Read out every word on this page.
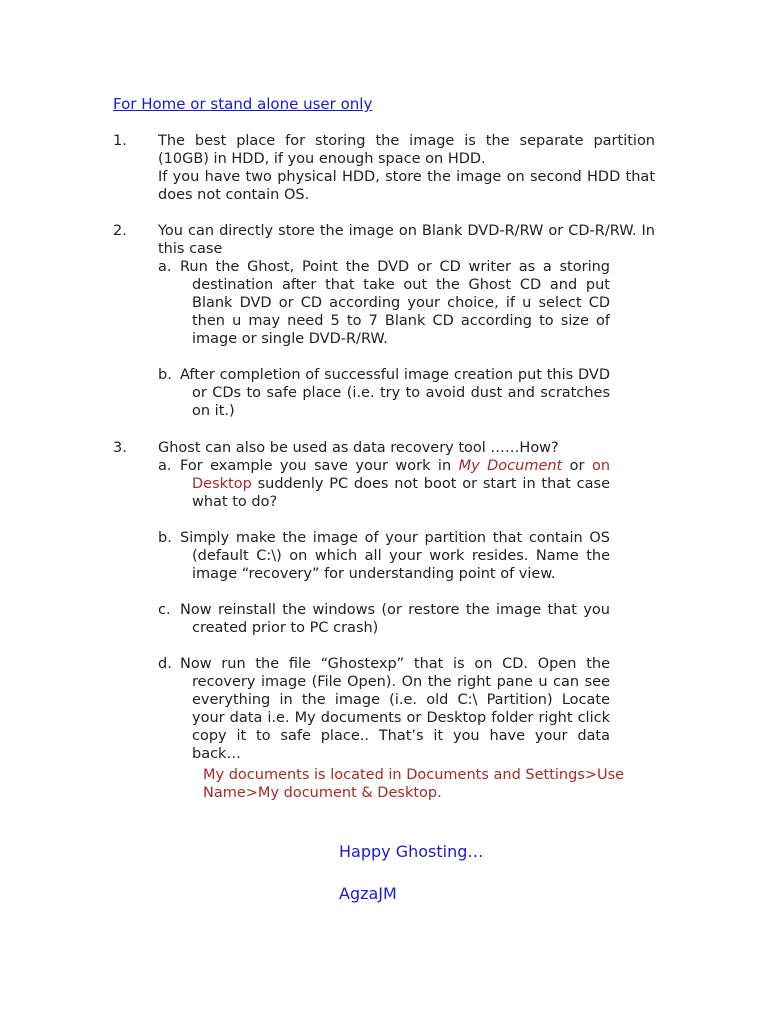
For Home or stand alone user only
1. The best place for storing the image is the separate partition (10GB) in HDD, if you enough space on HDD.
If you have two physical HDD, store the image on second HDD that does not contain OS.
2. You can directly store the image on Blank DVD-R/RW or CD-R/RW. In this case
a. Run the Ghost, Point the DVD or CD writer as a storing destination after that take out the Ghost CD and put Blank DVD or CD according your choice, if u select CD then u may need 5 to 7 Blank CD according to size of image or single DVD-R/RW.
b. After completion of successful image creation put this DVD or CDs to safe place (i.e. try to avoid dust and scratches on it.)
3. Ghost can also be used as data recovery tool ……How?
a. For example you save your work in My Document or on Desktop suddenly PC does not boot or start in that case what to do?
b. Simply make the image of your partition that contain OS (default C:\) on which all your work resides. Name the image “recovery” for understanding point of view.
c. Now reinstall the windows (or restore the image that you created prior to PC crash)
d. Now run the file “Ghostexp” that is on CD. Open the recovery image (File Open). On the right pane u can see everything in the image (i.e. old C:\ Partition) Locate your data i.e. My documents or Desktop folder right click copy it to safe place.. That’s it you have your data back…
My documents is located in Documents and Settings>Use Name>My document & Desktop.
Happy Ghosting…
AgzaJM
